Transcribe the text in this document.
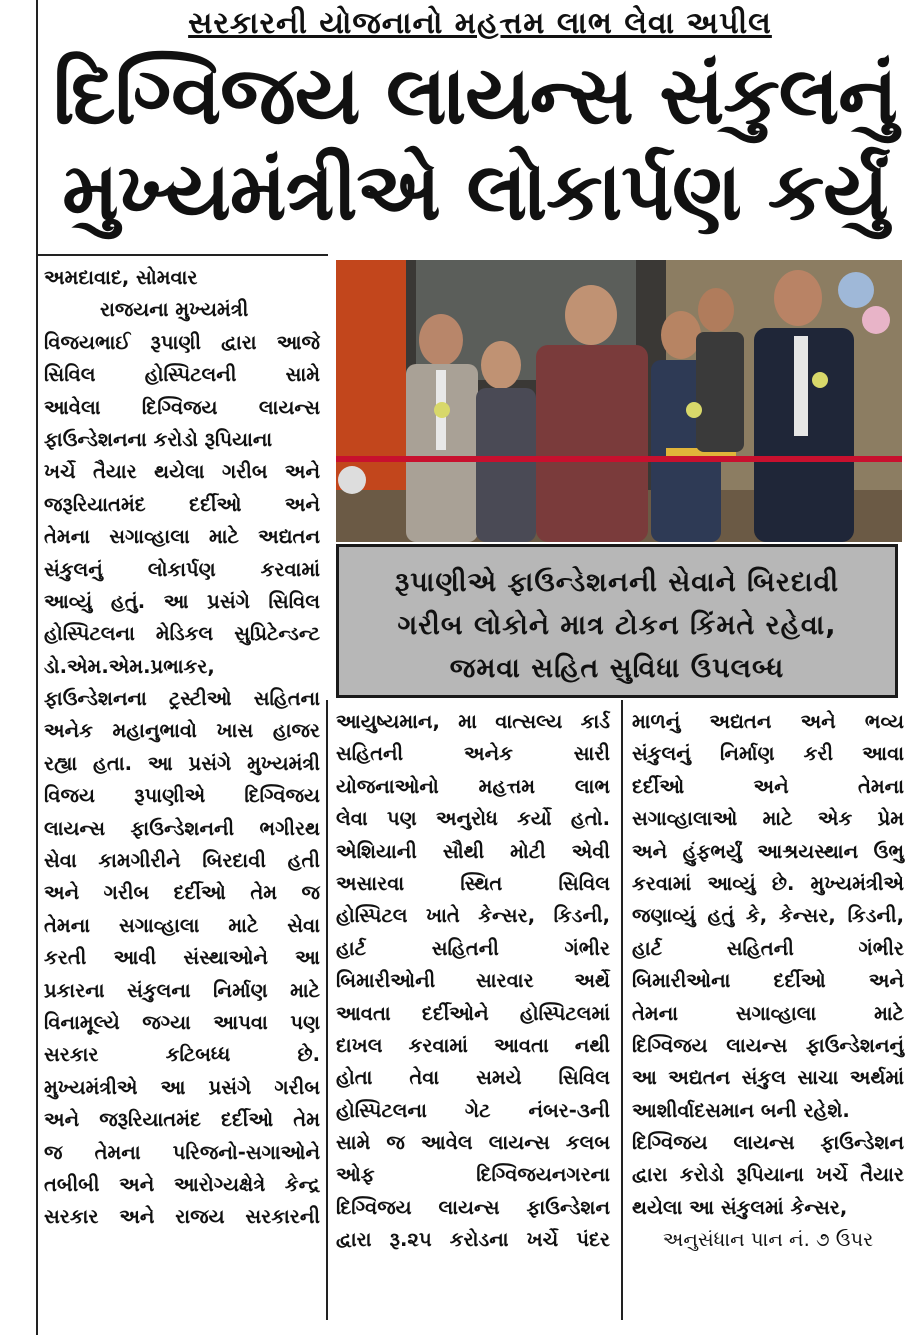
સરકારની યોજનાનો મહત્તમ લાભ લેવા અપીલ
દિગ્વિજય લાયન્સ સંકુલનું
મુખ્યમંત્રીએ લોકાર્પણ કર્યું
રૂપાણીએ ફાઉન્ડેશનની સેવાને બિરદાવી
ગરીબ લોકોને માત્ર ટોકન કિંમતે રહેવા,
જમવા સહિત સુવિધા ઉપલબ્ધ
અમદાવાદ, સોમવાર
રાજયના મુખ્યમંત્રી
વિજયભાઈ રૂપાણી દ્વારા આજે
સિવિલ હોસ્પિટલની સામે
આવેલા દિગ્વિજય લાયન્સ
ફાઉન્ડેશનના કરોડો રૂપિયાના
ખર્ચે તૈયાર થયેલા ગરીબ અને
જરૂરિયાતમંદ દર્દીઓ અને
તેમના સગાવ્હાલા માટે અદ્યતન
સંકુલનું લોકાર્પણ કરવામાં
આવ્યું હતું. આ પ્રસંગે સિવિલ
હોસ્પિટલના મેડિકલ સુપ્રિટેન્ડન્ટ
ડો.એમ.એમ.પ્રભાકર,
ફાઉન્ડેશનના ટ્રસ્ટીઓ સહિતના
અનેક મહાનુભાવો ખાસ હાજર
રહ્યા હતા. આ પ્રસંગે મુખ્યમંત્રી
વિજય રૂપાણીએ દિગ્વિજય
લાયન્સ ફાઉન્ડેશનની ભગીરથ
સેવા કામગીરીને બિરદાવી હતી
અને ગરીબ દર્દીઓ તેમ જ
તેમના સગાવ્હાલા માટે સેવા
કરતી આવી સંસ્થાઓને આ
પ્રકારના સંકુલના નિર્માણ માટે
વિનામૂલ્યે જગ્યા આપવા પણ
સરકાર કટિબધ્ધ છે.
મુખ્યમંત્રીએ આ પ્રસંગે ગરીબ
અને જરૂરિયાતમંદ દર્દીઓ તેમ
જ તેમના પરિજનો-સગાઓને
તબીબી અને આરોગ્યક્ષેત્રે કેન્દ્ર
સરકાર અને રાજય સરકારની
આયુષ્યમાન, મા વાત્સલ્ય કાર્ડ
સહિતની અનેક સારી
યોજનાઓનો મહત્તમ લાભ
લેવા પણ અનુરોધ કર્યો હતો.
એશિયાની સૌથી મોટી એવી
અસારવા સ્થિત સિવિલ
હોસ્પિટલ ખાતે કેન્સર, કિડની,
હાર્ટ સહિતની ગંભીર
બિમારીઓની સારવાર અર્થે
આવતા દર્દીઓને હોસ્પિટલમાં
દાખલ કરવામાં આવતા નથી
હોતા તેવા સમયે સિવિલ
હોસ્પિટલના ગેટ નંબર-૩ની
સામે જ આવેલ લાયન્સ કલબ
ઓફ દિગ્વિજયનગરના
દિગ્વિજય લાયન્સ ફાઉન્ડેશન
દ્વારા રૂ.૨૫ કરોડના ખર્ચે પંદર
માળનું અદ્યતન અને ભવ્ય
સંકુલનું નિર્માણ કરી આવા
દર્દીઓ અને તેમના
સગાવ્હાલાઓ માટે એક પ્રેમ
અને હુંફભર્યું આશ્રયસ્થાન ઉભુ
કરવામાં આવ્યું છે. મુખ્યમંત્રીએ
જણાવ્યું હતું કે, કેન્સર, કિડની,
હાર્ટ સહિતની ગંભીર
બિમારીઓના દર્દીઓ અને
તેમના સગાવ્હાલા માટે
દિગ્વિજય લાયન્સ ફાઉન્ડેશનનું
આ અદ્યતન સંકુલ સાચા અર્થમાં
આશીર્વાદસમાન બની રહેશે.
દિગ્વિજય લાયન્સ ફાઉન્ડેશન
દ્વારા કરોડો રૂપિયાના ખર્ચે તૈયાર
થયેલા આ સંકુલમાં કેન્સર,
અનુસંધાન પાન નં. ૭ ઉપર
